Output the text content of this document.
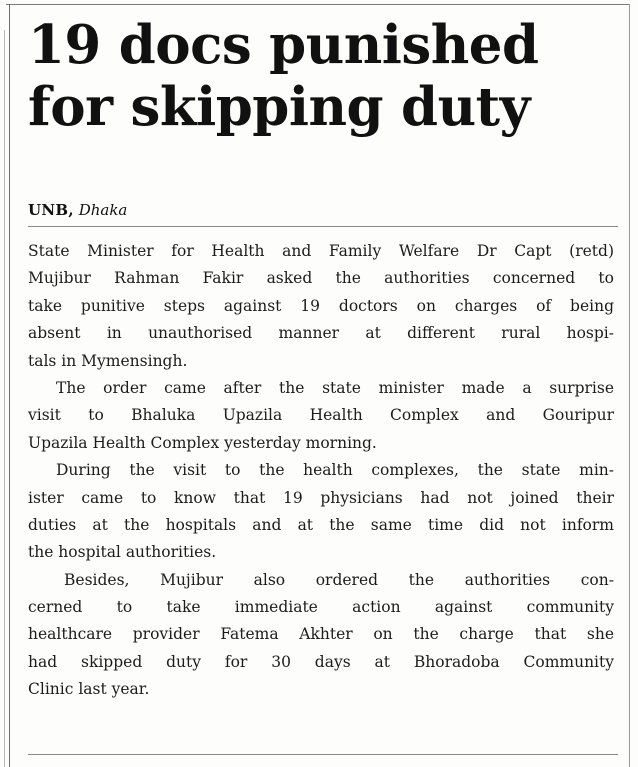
19 docs punished
for skipping duty
UNB, Dhaka
State Minister for Health and Family Welfare Dr Capt (retd)
Mujibur Rahman Fakir asked the authorities concerned to
take punitive steps against 19 doctors on charges of being
absent in unauthorised manner at different rural hospi-
tals in Mymensingh.
The order came after the state minister made a surprise
visit to Bhaluka Upazila Health Complex and Gouripur
Upazila Health Complex yesterday morning.
During the visit to the health complexes, the state min-
ister came to know that 19 physicians had not joined their
duties at the hospitals and at the same time did not inform
the hospital authorities.
Besides, Mujibur also ordered the authorities con-
cerned to take immediate action against community
healthcare provider Fatema Akhter on the charge that she
had skipped duty for 30 days at Bhoradoba Community
Clinic last year.
